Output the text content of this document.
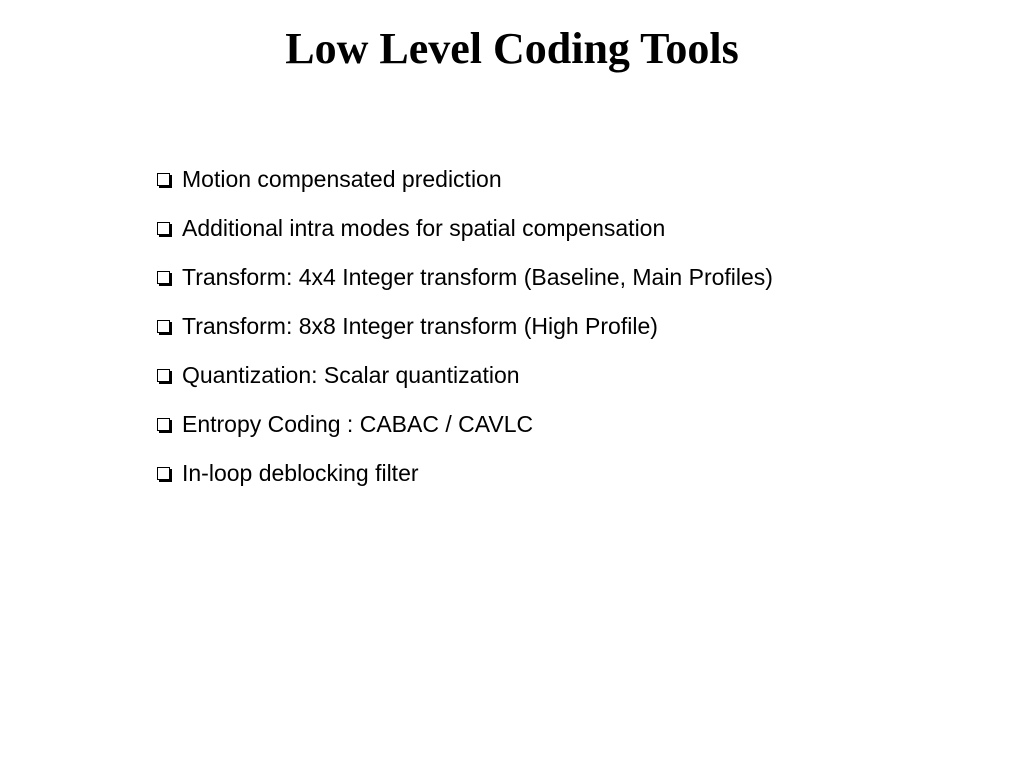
Low Level Coding Tools
Motion compensated prediction
Additional intra modes for spatial compensation
Transform: 4x4 Integer transform (Baseline, Main Profiles)
Transform: 8x8 Integer transform (High Profile)
Quantization: Scalar quantization
Entropy Coding : CABAC / CAVLC
In-loop deblocking filter
